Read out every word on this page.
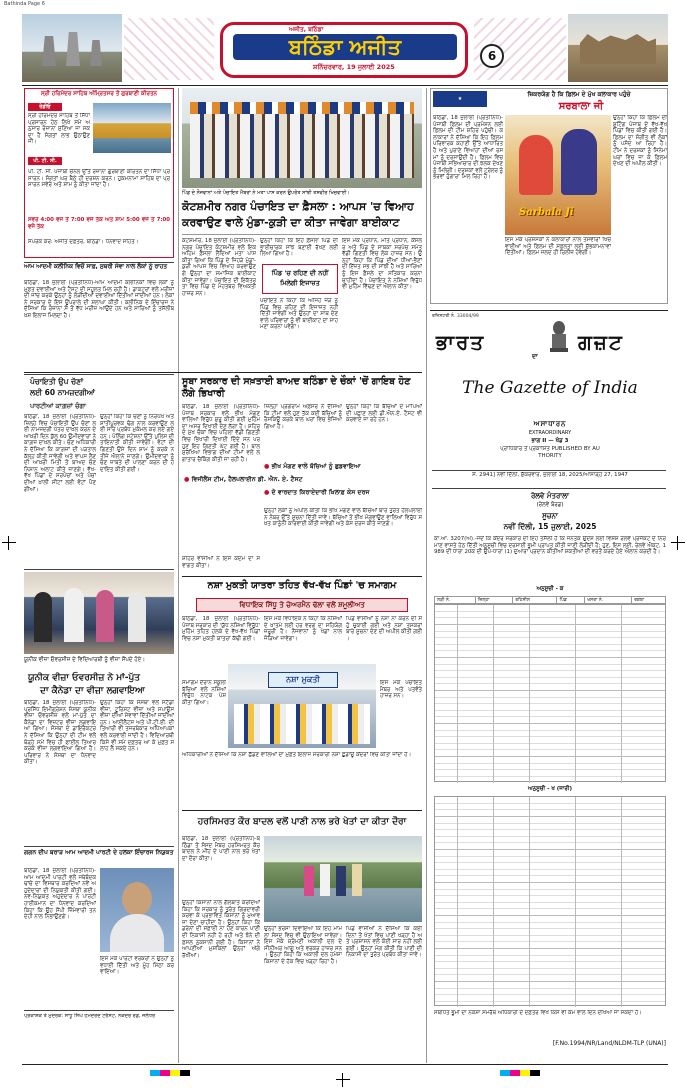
Bathinda Page 6
ਅਜੀਤ, ਬਠਿੰਡਾ
ਬਠਿੰਡਾ ਅਜੀਤ
ਸ਼ਨਿੱਚਰਵਾਰ, 19 ਜੁਲਾਈ 2025
6
ਸ੍ਰੀ ਹਰਿਮੰਦਰ ਸਾਹਿਬ ਅੰਮ੍ਰਿਤਸਰ ਤੋਂ ਗੁਰਬਾਣੀ ਕੀਰਤਨ
ਰੇਡੀਓ
ਸ੍ਰੀ ਹਰਿਮੰਦਰ ਸਾਹਿਬ ਤੋਂ ਸਿੱਧਾ ਪ੍ਰਸਾਰਨ ਹੇਠ ਲਿਖੇ ਸਮੇਂ ਅਨੁਸਾਰ ਰੋਜ਼ਾਨਾ ਸੁਣਿਆ ਜਾ ਸਕਦਾ ਹੈ ਸੰਗਤਾਂ ਲਾਭ ਉਠਾਉਣ ਜੀ।
ਪੀ. ਟੀ. ਸੀ.
ਪੀ. ਟੀ. ਸੀ. ਪੰਜਾਬੀ ਚੈਨਲ ਉੱਤੇ ਰੋਜ਼ਾਨਾ ਗੁਰਬਾਣੀ ਕੀਰਤਨ ਦਾ ਸਿੱਧਾ ਪ੍ਰਸਾਰਨ। ਸੰਗਤਾਂ ਘਰ ਬੈਠੇ ਹੀ ਦਰਸ਼ਨ ਕਰਨ। ਹੁਕਮਨਾਮਾ ਸਾਹਿਬ ਦਾ ਪ੍ਰਸਾਰਨ ਸਵੇਰੇ ਅਤੇ ਸ਼ਾਮ ਨੂੰ ਕੀਤਾ ਜਾਂਦਾ ਹੈ।
ਸਵੇਰੇ 4:00 ਵਜੇ ਤੋਂ 7:00 ਵਜੇ ਤੱਕ ਅਤੇ ਸ਼ਾਮ 5:00 ਵਜੇ ਤੋਂ 7:00 ਵਜੇ ਤੱਕ
ਸੰਪਰਕ ਕਰੋ: ਅਜੀਤ ਦਫ਼ਤਰ, ਬਠਿੰਡਾ। ਧੰਨਵਾਦ ਸਹਿਤ।
ਆਮ ਆਦਮੀ ਕਲੀਨਿਕ ਵਿਚੋਂ ਸਾਫ਼, ਸੁਥਰੀ ਸੇਵਾ ਨਾਲ ਲੋਕਾਂ ਨੂੰ ਰਾਹਤ
ਬਠਿੰਡਾ, 18 ਜੁਲਾਈ (ਪ੍ਰਤੀਨਿਧ)-ਆਮ ਆਦਮੀ ਕਲੀਨਿਕਾਂ ਵਿਚ ਲੋਕਾਂ ਨੂੰ ਮੁਫ਼ਤ ਦਵਾਈਆਂ ਅਤੇ ਟੈਸਟ ਦੀ ਸਹੂਲਤ ਮਿਲ ਰਹੀ ਹੈ। ਡਾਕਟਰਾਂ ਵਲੋਂ ਮਰੀਜ਼ਾਂ ਦੀ ਜਾਂਚ ਕਰਕੇ ਉਨ੍ਹਾਂ ਨੂੰ ਲੋੜੀਂਦੀਆਂ ਦਵਾਈਆਂ ਦਿੱਤੀਆਂ ਜਾਂਦੀਆਂ ਹਨ। ਲੋਕਾਂ ਨੇ ਸਰਕਾਰ ਦੇ ਇਸ ਉਪਰਾਲੇ ਦੀ ਸ਼ਲਾਘਾ ਕੀਤੀ। ਕਲੀਨਿਕ ਦੇ ਇੰਚਾਰਜ ਨੇ ਦੱਸਿਆ ਕਿ ਰੋਜ਼ਾਨਾ ਸੌ ਤੋਂ ਵੱਧ ਮਰੀਜ਼ ਆਉਂਦੇ ਹਨ ਅਤੇ ਸਾਰਿਆਂ ਨੂੰ ਤਸੱਲੀਬਖ਼ਸ਼ ਇਲਾਜ ਮਿਲਦਾ ਹੈ।
ਪੰਚਾਇਤੀ ਉਪ ਚੋਣਾਂ
ਲਈ 60 ਨਾਮਜ਼ਦਗੀਆਂ
ਪਾਰਟੀਆਂ ਕਾਗ਼ਜ਼ਾਂ ਚੰਗਾ
ਬਠਿੰਡਾ, 18 ਜੁਲਾਈ (ਪ੍ਰਤੀਨਿਧ)-ਜ਼ਿਲ੍ਹੇ ਵਿਚ ਪੰਚਾਇਤੀ ਉਪ ਚੋਣਾਂ ਲਈ ਨਾਮਜ਼ਦਗੀ ਪੱਤਰ ਦਾਖ਼ਲ ਕਰਨ ਦੇ ਆਖ਼ਰੀ ਦਿਨ ਕੁੱਲ 60 ਉਮੀਦਵਾਰਾਂ ਨੇ ਕਾਗ਼ਜ਼ ਦਾਖ਼ਲ ਕੀਤੇ। ਚੋਣ ਅਧਿਕਾਰੀ ਨੇ ਦੱਸਿਆ ਕਿ ਕਾਗ਼ਜ਼ਾਂ ਦੀ ਪੜਤਾਲ ਕੱਲ੍ਹ ਕੀਤੀ ਜਾਵੇਗੀ ਅਤੇ ਵਾਪਸ ਲੈਣ ਦੀ ਆਖ਼ਰੀ ਮਿਤੀ ਤੋਂ ਬਾਅਦ ਚੋਣ ਨਿਸ਼ਾਨ ਅਲਾਟ ਕੀਤੇ ਜਾਣਗੇ। ਵੱਖ-ਵੱਖ ਪਿੰਡਾਂ ਦੇ ਸਰਪੰਚਾਂ ਅਤੇ ਪੰਚਾਂ ਦੀਆਂ ਖ਼ਾਲੀ ਸੀਟਾਂ ਲਈ ਵੋਟਾਂ ਪੈਣਗੀਆਂ।
ਉਨ੍ਹਾਂ ਕਿਹਾ ਕਿ ਚੋਣਾਂ ਨੂੰ ਨਿਰਪੱਖ ਅਤੇ ਸ਼ਾਂਤੀਪੂਰਵਕ ਢੰਗ ਨਾਲ ਕਰਵਾਉਣ ਲਈ ਸਾਰੇ ਪ੍ਰਬੰਧ ਮੁਕੰਮਲ ਕਰ ਲਏ ਗਏ ਹਨ। ਪੋਲਿੰਗ ਸਟੇਸ਼ਨਾਂ ਉੱਤੇ ਪੁਲਿਸ ਦੀ ਤਾਇਨਾਤੀ ਕੀਤੀ ਜਾਵੇਗੀ। ਵੋਟਾਂ ਦੀ ਗਿਣਤੀ ਉਸੇ ਦਿਨ ਸ਼ਾਮ ਨੂੰ ਕਰਕੇ ਨਤੀਜੇ ਐਲਾਨੇ ਜਾਣਗੇ। ਉਮੀਦਵਾਰਾਂ ਨੂੰ ਚੋਣ ਜ਼ਾਬਤੇ ਦੀ ਪਾਲਣਾ ਕਰਨ ਦੀ ਹਦਾਇਤ ਕੀਤੀ ਗਈ।
ਯੂਨੀਕ ਵੀਜ਼ਾ ਓਵਰਸੀਜ਼ ਦੇ ਵਿਦਿਆਰਥੀ ਨੂੰ ਵੀਜ਼ਾ ਸੌਂਪਦੇ ਹੋਏ।
ਯੂਨੀਕ ਵੀਜ਼ਾ ਓਵਰਸੀਜ਼ ਨੇ ਮਾਂ-ਪੁੱਤ
ਦਾ ਕੈਨੇਡਾ ਦਾ ਵੀਜ਼ਾ ਲਗਵਾਇਆ
ਬਠਿੰਡਾ, 18 ਜੁਲਾਈ (ਪ੍ਰਤੀਨਿਧ)-ਪ੍ਰਸਿੱਧ ਇਮੀਗ੍ਰੇਸ਼ਨ ਸੰਸਥਾ ਯੂਨੀਕ ਵੀਜ਼ਾ ਓਵਰਸੀਜ਼ ਵਲੋਂ ਮਾਂ-ਪੁੱਤ ਦਾ ਕੈਨੇਡਾ ਦਾ ਵਿਜ਼ਟਰ ਵੀਜ਼ਾ ਲਗਵਾਇਆ ਗਿਆ। ਸੰਸਥਾ ਦੇ ਡਾਇਰੈਕਟਰ ਨੇ ਦੱਸਿਆ ਕਿ ਉਨ੍ਹਾਂ ਦੀ ਟੀਮ ਵਲੋਂ ਥੋੜ੍ਹੇ ਸਮੇਂ ਵਿਚ ਹੀ ਫਾਈਲ ਤਿਆਰ ਕਰਕੇ ਵੀਜ਼ਾ ਲਗਵਾਇਆ ਗਿਆ ਹੈ। ਪਰਿਵਾਰ ਨੇ ਸੰਸਥਾ ਦਾ ਧੰਨਵਾਦ ਕੀਤਾ।
ਉਨ੍ਹਾਂ ਕਿਹਾ ਕਿ ਸੰਸਥਾ ਵਲੋਂ ਸਟੱਡੀ ਵੀਜ਼ਾ, ਟੂਰਿਸਟ ਵੀਜ਼ਾ ਅਤੇ ਸਪਾਊਸ ਵੀਜ਼ਾ ਦੀਆਂ ਸੇਵਾਵਾਂ ਦਿੱਤੀਆਂ ਜਾਂਦੀਆਂ ਹਨ। ਆਈਲੈਟਸ ਅਤੇ ਪੀ.ਟੀ.ਈ. ਦੀ ਤਿਆਰੀ ਵੀ ਤਜਰਬੇਕਾਰ ਅਧਿਆਪਕਾਂ ਵਲੋਂ ਕਰਵਾਈ ਜਾਂਦੀ ਹੈ। ਵਿਦਿਆਰਥੀ ਕਿਸੇ ਵੀ ਸਮੇਂ ਦਫ਼ਤਰ ਆ ਕੇ ਮੁਫ਼ਤ ਸਲਾਹ ਲੈ ਸਕਦੇ ਹਨ।
ਗਗਨ ਦੀਪ ਬਰਾੜ ਆਮ ਆਦਮੀ ਪਾਰਟੀ ਦੇ ਹਲਕਾ ਇੰਚਾਰਜ ਨਿਯੁਕਤ
ਬਠਿੰਡਾ, 18 ਜੁਲਾਈ (ਪ੍ਰਤੀਨਿਧ)-ਆਮ ਆਦਮੀ ਪਾਰਟੀ ਵਲੋਂ ਜਥੇਬੰਦਕ ਢਾਂਚੇ ਦਾ ਵਿਸਥਾਰ ਕਰਦਿਆਂ ਨਵੇਂ ਅਹੁਦੇਦਾਰਾਂ ਦੀ ਨਿਯੁਕਤੀ ਕੀਤੀ ਗਈ। ਨਵ-ਨਿਯੁਕਤ ਅਹੁਦੇਦਾਰ ਨੇ ਪਾਰਟੀ ਹਾਈਕਮਾਨ ਦਾ ਧੰਨਵਾਦ ਕਰਦਿਆਂ ਕਿਹਾ ਕਿ ਉਹ ਸੌਂਪੀ ਜ਼ਿੰਮੇਵਾਰੀ ਤਨਦੇਹੀ ਨਾਲ ਨਿਭਾਉਣਗੇ।
ਇਸ ਮੌਕੇ ਪਾਰਟੀ ਵਰਕਰਾਂ ਨੇ ਉਨ੍ਹਾਂ ਨੂੰ ਵਧਾਈ ਦਿੱਤੀ ਅਤੇ ਮੂੰਹ ਮਿੱਠਾ ਕਰਵਾਇਆ।
ਪ੍ਰਕਾਸ਼ਕ ਤੇ ਮੁਦਰਕ: ਸਾਧੂ ਸਿੰਘ ਹਮਦਰਦ ਟਰੱਸਟ, ਨਕੋਦਰ ਰੋਡ, ਜਲੰਧਰ
ਪਿੰਡ ਦੇ ਨੌਜਵਾਨਾਂ ਅਤੇ ਪੰਚਾਇਤ ਮੈਂਬਰਾਂ ਨੇ ਮਤਾ ਪਾਸ ਕਰਨ ਉਪਰੰਤ ਸਾਂਝੀ ਤਸਵੀਰ ਖਿਚਵਾਈ।
ਕੋਟਸ਼ਮੀਰ ਨਗਰ ਪੰਚਾਇਤ ਦਾ ਫ਼ੈਸਲਾ : ਆਪਸ 'ਚ ਵਿਆਹ
ਕਰਵਾਉਣ ਵਾਲੇ ਮੁੰਡਾ-ਕੁੜੀ ਦਾ ਕੀਤਾ ਜਾਵੇਗਾ ਬਾਈਕਾਟ
ਕੋਟਸ਼ਮੀਰ, 18 ਜੁਲਾਈ (ਪ੍ਰਤੀਨਿਧ)-ਨਗਰ ਪੰਚਾਇਤ ਕੋਟਸ਼ਮੀਰ ਵਲੋਂ ਇਕ ਅਹਿਮ ਫ਼ੈਸਲਾ ਲੈਂਦਿਆਂ ਮਤਾ ਪਾਸ ਕੀਤਾ ਗਿਆ ਕਿ ਪਿੰਡ ਦੇ ਜਿਹੜੇ ਮੁੰਡਾ-ਕੁੜੀ ਆਪਸ ਵਿਚ ਵਿਆਹ ਕਰਵਾਉਣਗੇ ਉਨ੍ਹਾਂ ਦਾ ਸਮਾਜਿਕ ਬਾਈਕਾਟ ਕੀਤਾ ਜਾਵੇਗਾ। ਪੰਚਾਇਤ ਦੀ ਇਕੱਤਰਤਾ ਵਿਚ ਪਿੰਡ ਦੇ ਮੋਹਤਬਰ ਵਿਅਕਤੀ ਹਾਜ਼ਰ ਸਨ।
ਉਨ੍ਹਾਂ ਕਿਹਾ ਕਿ ਇਹ ਫ਼ੈਸਲਾ ਪਿੰਡ ਦੀ ਭਾਈਚਾਰਕ ਸਾਂਝ ਬਣਾਈ ਰੱਖਣ ਲਈ ਲਿਆ ਗਿਆ ਹੈ।
ਪਿੰਡ 'ਚ ਰਹਿਣ ਦੀ ਨਹੀਂ
ਮਿਲੇਗੀ ਇਜਾਜ਼ਤ
ਪੰਚਾਇਤ ਨੇ ਕਿਹਾ ਕਿ ਅਜਿਹੇ ਜੋੜੇ ਨੂੰ ਪਿੰਡ ਵਿਚ ਰਹਿਣ ਦੀ ਇਜਾਜ਼ਤ ਨਹੀਂ ਦਿੱਤੀ ਜਾਵੇਗੀ ਅਤੇ ਉਨ੍ਹਾਂ ਦਾ ਸਾਥ ਦੇਣ ਵਾਲੇ ਪਰਿਵਾਰਾਂ ਨੂੰ ਵੀ ਬਾਈਕਾਟ ਦਾ ਸਾਹਮਣਾ ਕਰਨਾ ਪਵੇਗਾ।
ਇਸ ਮੌਕੇ ਪ੍ਰਧਾਨ, ਮੀਤ ਪ੍ਰਧਾਨ, ਕੌਂਸਲਰ ਅਤੇ ਪਿੰਡ ਦੇ ਸਾਬਕਾ ਸਰਪੰਚ ਸਮੇਤ ਵੱਡੀ ਗਿਣਤੀ ਵਿਚ ਲੋਕ ਹਾਜ਼ਰ ਸਨ। ਉਨ੍ਹਾਂ ਕਿਹਾ ਕਿ ਪਿੰਡ ਦੀਆਂ ਧੀਆਂ-ਭੈਣਾਂ ਦੀ ਇੱਜ਼ਤ ਸਭ ਦੀ ਸਾਂਝੀ ਹੈ ਅਤੇ ਸਾਰਿਆਂ ਨੂੰ ਇਸ ਫ਼ੈਸਲੇ ਦਾ ਸਤਿਕਾਰ ਕਰਨਾ ਚਾਹੀਦਾ ਹੈ। ਪੰਚਾਇਤ ਨੇ ਨਸ਼ਿਆਂ ਵਿਰੁੱਧ ਵੀ ਮੁਹਿੰਮ ਵਿੱਢਣ ਦਾ ਐਲਾਨ ਕੀਤਾ।
ਸੂਬਾ ਸਰਕਾਰ ਦੀ ਸਖ਼ਤਾਈ ਬਾਅਦ ਬਠਿੰਡਾ ਦੇ ਚੌਕਾਂ 'ਚੋਂ ਗਾਇਬ ਹੋਣ ਲੱਗੇ ਭਿਖਾਰੀ
ਬਠਿੰਡਾ, 18 ਜੁਲਾਈ (ਪ੍ਰਤੀਨਿਧ)-ਪੰਜਾਬ ਸਰਕਾਰ ਵਲੋਂ ਭੀਖ ਮੰਗਣ ਵਾਲਿਆਂ ਵਿਰੁੱਧ ਸ਼ੁਰੂ ਕੀਤੀ ਗਈ ਮੁਹਿੰਮ ਦਾ ਅਸਰ ਦਿਖਾਈ ਦੇਣ ਲੱਗਾ ਹੈ। ਸ਼ਹਿਰ ਦੇ ਮੁੱਖ ਚੌਕਾਂ ਵਿਚ ਪਹਿਲਾਂ ਵੱਡੀ ਗਿਣਤੀ ਵਿਚ ਭਿਖਾਰੀ ਦਿਖਾਈ ਦਿੰਦੇ ਸਨ ਪਰ ਹੁਣ ਇਹ ਗਿਣਤੀ ਘੱਟ ਗਈ ਹੈ। ਬਾਲ ਸੁਰੱਖਿਆ ਵਿਭਾਗ ਦੀਆਂ ਟੀਮਾਂ ਵਲੋਂ ਲਗਾਤਾਰ ਚੈਕਿੰਗ ਕੀਤੀ ਜਾ ਰਹੀ ਹੈ।
ਜ਼ਿਲ੍ਹਾ ਪ੍ਰੋਗਰਾਮ ਅਫ਼ਸਰ ਨੇ ਦੱਸਿਆ ਕਿ ਟੀਮਾਂ ਵਲੋਂ ਹੁਣ ਤੱਕ ਕਈ ਬੱਚਿਆਂ ਨੂੰ ਰੈਸਕਿਊ ਕਰਕੇ ਬਾਲ ਘਰਾਂ ਵਿਚ ਭੇਜਿਆ ਗਿਆ ਹੈ।
ਉਨ੍ਹਾਂ ਕਿਹਾ ਕਿ ਬੱਚਿਆਂ ਦੇ ਮਾਪਿਆਂ ਦੀ ਪਛਾਣ ਲਈ ਡੀ.ਐਨ.ਏ. ਟੈਸਟ ਵੀ ਕਰਵਾਏ ਜਾ ਰਹੇ ਹਨ।
● ਭੀਖ ਮੰਗਣ ਵਾਲੇ ਬੱਚਿਆਂ ਨੂੰ ਛੁਡਵਾਇਆ
● ਵਿਜੀਲੈਂਸ ਟੀਮ, ਹੈਲਪਲਾਈਨ ਡੀ. ਐਨ. ਏ. ਟੈਸਟ
● ਦੋ ਵਾਰਦਾਤ ਕਿਰਾਏਦਾਰੀ ਖ਼ਿਲਾਫ਼ ਕੇਸ ਦਰਜ
ਉਨ੍ਹਾਂ ਲੋਕਾਂ ਨੂੰ ਅਪੀਲ ਕੀਤੀ ਕਿ ਭੀਖ ਮੰਗਣ ਵਾਲੇ ਬੱਚਿਆਂ ਬਾਰੇ ਤੁਰੰਤ ਹੈਲਪਲਾਈਨ ਨੰਬਰ ਉੱਤੇ ਸੂਚਨਾ ਦਿੱਤੀ ਜਾਵੇ। ਬੱਚਿਆਂ ਤੋਂ ਭੀਖ ਮੰਗਵਾਉਣ ਵਾਲਿਆਂ ਵਿਰੁੱਧ ਸਖ਼ਤ ਕਾਨੂੰਨੀ ਕਾਰਵਾਈ ਕੀਤੀ ਜਾਵੇਗੀ ਅਤੇ ਕੇਸ ਦਰਜ ਕੀਤੇ ਜਾਣਗੇ।
ਸ਼ਹਿਰ ਵਾਸੀਆਂ ਨੇ ਇਸ ਕਦਮ ਦਾ ਸਵਾਗਤ ਕੀਤਾ।
ਨਸ਼ਾ ਮੁਕਤੀ ਯਾਤਰਾ ਤਹਿਤ ਵੱਖ-ਵੱਖ ਪਿੰਡਾਂ 'ਚ ਸਮਾਗਮ
ਵਿਧਾਇਕ ਸਿੱਧੂ ਤੇ ਚੇਅਰਮੈਨ ਢੱਲਾ ਵਲੋਂ ਸ਼ਮੂਲੀਅਤ
ਬਠਿੰਡਾ, 18 ਜੁਲਾਈ (ਪ੍ਰਤੀਨਿਧ)-ਪੰਜਾਬ ਸਰਕਾਰ ਦੀ 'ਯੁੱਧ ਨਸ਼ਿਆਂ ਵਿਰੁੱਧ' ਮੁਹਿੰਮ ਤਹਿਤ ਹਲਕੇ ਦੇ ਵੱਖ-ਵੱਖ ਪਿੰਡਾਂ ਵਿਚ ਨਸ਼ਾ ਮੁਕਤੀ ਯਾਤਰਾ ਕੱਢੀ ਗਈ।
ਇਸ ਮੌਕੇ ਵਿਧਾਇਕ ਨੇ ਕਿਹਾ ਕਿ ਨਸ਼ਿਆਂ ਦੇ ਖ਼ਾਤਮੇ ਲਈ ਹਰ ਵਰਗ ਦਾ ਸਹਿਯੋਗ ਜ਼ਰੂਰੀ ਹੈ। ਨੌਜਵਾਨਾਂ ਨੂੰ ਖੇਡਾਂ ਨਾਲ ਜੋੜਿਆ ਜਾਵੇਗਾ।
ਪਿੰਡ ਵਾਸੀਆਂ ਨੂੰ ਨਸ਼ਾ ਨਾ ਕਰਨ ਦੀ ਸਹੁੰ ਚੁਕਾਈ ਗਈ ਅਤੇ ਨਸ਼ਾ ਤਸਕਰਾਂ ਬਾਰੇ ਸੂਚਨਾ ਦੇਣ ਦੀ ਅਪੀਲ ਕੀਤੀ ਗਈ।
ਨਸ਼ਾ ਮੁਕਤੀ
ਸਮਾਗਮ ਦੌਰਾਨ ਸਕੂਲੀ ਬੱਚਿਆਂ ਵਲੋਂ ਨਸ਼ਿਆਂ ਵਿਰੁੱਧ ਨਾਟਕ ਪੇਸ਼ ਕੀਤਾ ਗਿਆ।
ਇਸ ਮੌਕੇ ਪੰਚਾਇਤ ਮੈਂਬਰ ਅਤੇ ਪਤਵੰਤੇ ਹਾਜ਼ਰ ਸਨ।
ਅਧਿਕਾਰੀਆਂ ਨੇ ਦੱਸਿਆ ਕਿ ਨਸ਼ਾ ਛੱਡਣ ਵਾਲਿਆਂ ਦਾ ਮੁਫ਼ਤ ਇਲਾਜ ਸਰਕਾਰੀ ਨਸ਼ਾ ਛੁਡਾਊ ਕੇਂਦਰਾਂ ਵਿਚ ਕੀਤਾ ਜਾਂਦਾ ਹੈ।
ਹਰਸਿਮਰਤ ਕੌਰ ਬਾਦਲ ਵਲੋਂ ਪਾਣੀ ਨਾਲ ਭਰੇ ਖੇਤਾਂ ਦਾ ਕੀਤਾ ਦੌਰਾ
ਬਠਿੰਡਾ, 18 ਜੁਲਾਈ (ਪ੍ਰਤੀਨਿਧ)-ਬਠਿੰਡਾ ਤੋਂ ਸੰਸਦ ਮੈਂਬਰ ਹਰਸਿਮਰਤ ਕੌਰ ਬਾਦਲ ਨੇ ਮੀਂਹ ਦੇ ਪਾਣੀ ਨਾਲ ਭਰੇ ਖੇਤਾਂ ਦਾ ਦੌਰਾ ਕੀਤਾ।
ਉਨ੍ਹਾਂ ਕਿਸਾਨਾਂ ਨਾਲ ਗੱਲਬਾਤ ਕਰਦਿਆਂ ਕਿਹਾ ਕਿ ਸਰਕਾਰ ਨੂੰ ਤੁਰੰਤ ਗਿਰਦਾਵਰੀ ਕਰਵਾ ਕੇ ਪ੍ਰਭਾਵਿਤ ਕਿਸਾਨਾਂ ਨੂੰ ਮੁਆਵਜ਼ਾ ਦੇਣਾ ਚਾਹੀਦਾ ਹੈ। ਉਨ੍ਹਾਂ ਕਿਹਾ ਕਿ ਡਰੇਨਾਂ ਦੀ ਸਫ਼ਾਈ ਨਾ ਹੋਣ ਕਾਰਨ ਪਾਣੀ ਦੀ ਨਿਕਾਸੀ ਨਹੀਂ ਹੋ ਰਹੀ ਅਤੇ ਝੋਨੇ ਦੀ ਫ਼ਸਲ ਨੁਕਸਾਨੀ ਗਈ ਹੈ। ਕਿਸਾਨਾਂ ਨੇ ਆਪਣੀਆਂ ਮੁਸ਼ਕਿਲਾਂ ਉਨ੍ਹਾਂ ਅੱਗੇ ਰੱਖੀਆਂ।
ਉਨ੍ਹਾਂ ਭਰੋਸਾ ਦਿਵਾਇਆ ਕਿ ਇਹ ਮਾਮਲਾ ਸੰਸਦ ਵਿਚ ਵੀ ਉਠਾਇਆ ਜਾਵੇਗਾ। ਇਸ ਮੌਕੇ ਸ਼੍ਰੋਮਣੀ ਅਕਾਲੀ ਦਲ ਦੇ ਸੀਨੀਅਰ ਆਗੂ ਅਤੇ ਵਰਕਰ ਹਾਜ਼ਰ ਸਨ। ਉਨ੍ਹਾਂ ਕਿਹਾ ਕਿ ਅਕਾਲੀ ਦਲ ਹਮੇਸ਼ਾ ਕਿਸਾਨਾਂ ਦੇ ਹੱਕ ਵਿਚ ਖੜ੍ਹਾ ਰਿਹਾ ਹੈ।
ਪਿੰਡ ਵਾਸੀਆਂ ਨੇ ਦੱਸਿਆ ਕਿ ਕਈ ਦਿਨਾਂ ਤੋਂ ਖੇਤਾਂ ਵਿਚ ਪਾਣੀ ਖੜ੍ਹਾ ਹੈ ਅਤੇ ਪ੍ਰਸ਼ਾਸਨ ਵਲੋਂ ਕੋਈ ਸਾਰ ਨਹੀਂ ਲਈ ਗਈ। ਉਨ੍ਹਾਂ ਮੰਗ ਕੀਤੀ ਕਿ ਪਾਣੀ ਦੀ ਨਿਕਾਸੀ ਦਾ ਤੁਰੰਤ ਪ੍ਰਬੰਧ ਕੀਤਾ ਜਾਵੇ।
★
ਜ਼ਿਕਰਯੋਗ ਹੈ ਕਿ ਫ਼ਿਲਮ ਦੇ ਮੁੱਖ ਕਲਾਕਾਰ ਪਹੁੰਚੇ
ਸਰਬਾਲਾ ਜੀ
ਬਠਿੰਡਾ, 18 ਜੁਲਾਈ (ਪ੍ਰਤੀਨਿਧ)-ਪੰਜਾਬੀ ਫ਼ਿਲਮ ਦੀ ਪ੍ਰਮੋਸ਼ਨ ਲਈ ਫ਼ਿਲਮ ਦੀ ਟੀਮ ਸ਼ਹਿਰ ਪਹੁੰਚੀ। ਕਲਾਕਾਰਾਂ ਨੇ ਦੱਸਿਆ ਕਿ ਇਹ ਫ਼ਿਲਮ ਪਰਿਵਾਰਕ ਕਹਾਣੀ ਉੱਤੇ ਆਧਾਰਿਤ ਹੈ ਅਤੇ ਪੁਰਾਣੇ ਵਿਆਹਾਂ ਦੀਆਂ ਰਸਮਾਂ ਨੂੰ ਦਰਸਾਉਂਦੀ ਹੈ। ਫ਼ਿਲਮ ਵਿਚ ਪੰਜਾਬੀ ਸਭਿਆਚਾਰ ਦੀ ਝਲਕ ਦੇਖਣ ਨੂੰ ਮਿਲੇਗੀ। ਦਰਸ਼ਕਾਂ ਵਲੋਂ ਟ੍ਰੇਲਰ ਨੂੰ ਭਰਵਾਂ ਹੁੰਗਾਰਾ ਮਿਲ ਰਿਹਾ ਹੈ।
Sarbala Ji
ਉਨ੍ਹਾਂ ਕਿਹਾ ਕਿ ਫ਼ਿਲਮ ਦੀ ਸ਼ੂਟਿੰਗ ਪੰਜਾਬ ਦੇ ਵੱਖ-ਵੱਖ ਪਿੰਡਾਂ ਵਿਚ ਕੀਤੀ ਗਈ ਹੈ। ਫ਼ਿਲਮ ਦਾ ਸੰਗੀਤ ਵੀ ਲੋਕਾਂ ਨੂੰ ਪਸੰਦ ਆ ਰਿਹਾ ਹੈ। ਟੀਮ ਨੇ ਦਰਸ਼ਕਾਂ ਨੂੰ ਸਿਨੇਮਾ ਘਰਾਂ ਵਿਚ ਜਾ ਕੇ ਫ਼ਿਲਮ ਦੇਖਣ ਦੀ ਅਪੀਲ ਕੀਤੀ।
ਇਸ ਮੌਕੇ ਪ੍ਰਸ਼ੰਸਕਾਂ ਨੇ ਕਲਾਕਾਰਾਂ ਨਾਲ ਤਸਵੀਰਾਂ ਖਿਚਵਾਈਆਂ ਅਤੇ ਫ਼ਿਲਮ ਦੀ ਸਫ਼ਲਤਾ ਲਈ ਸ਼ੁੱਭਕਾਮਨਾਵਾਂ ਦਿੱਤੀਆਂ। ਫ਼ਿਲਮ ਜਲਦ ਹੀ ਰਿਲੀਜ਼ ਹੋਵੇਗੀ।
ਰਜਿਸਟਰੀ ਨੰ. 33004/99
ਭਾਰਤ
ਦਾ
ਗਜ਼ਟ
The Gazette of India
ਅਸਾਧਾਰਨ
EXTRAORDINARY
ਭਾਗ II — ਖੰਡ 3
ਪ੍ਰਾਧਿਕਾਰ ਤੋਂ ਪ੍ਰਕਾਸ਼ਿਤ PUBLISHED BY AUTHORITY
ਸੰ. 2941] ਨਵੀਂ ਦਿੱਲੀ, ਸ਼ੁੱਕਰਵਾਰ, ਜੁਲਾਈ 18, 2025/ਆਸਾੜ੍ਹ 27, 1947
ਰੇਲਵੇ ਮੰਤਰਾਲਾ
(ਰੇਲਵੇ ਬੋਰਡ)
ਸੂਚਨਾ
ਨਵੀਂ ਦਿੱਲੀ, 15 ਜੁਲਾਈ, 2025
ਕਾ.ਆ. 3207(ਅ).-ਜਦੋਂ ਕਿ ਕੇਂਦਰ ਸਰਕਾਰ ਦੀ ਇਹ ਤਸੱਲੀ ਹੈ ਕਿ ਜਨਤਕ ਉਦੇਸ਼ ਲਈ ਵਿਸ਼ੇਸ਼ ਰੇਲਵੇ ਪ੍ਰੋਜੈਕਟ ਦੇ ਨਿਰਮਾਣ ਵਾਸਤੇ ਹੇਠ ਦਿੱਤੀ ਅਨੁਸੂਚੀ ਵਿਚ ਦਰਸਾਈ ਭੂਮੀ ਪ੍ਰਾਪਤ ਕੀਤੀ ਜਾਣੀ ਲੋੜੀਂਦੀ ਹੈ; ਹੁਣ, ਇਸ ਲਈ, ਰੇਲਵੇ ਐਕਟ, 1989 ਦੀ ਧਾਰਾ 20ਕ ਦੀ ਉਪ-ਧਾਰਾ (1) ਦੁਆਰਾ ਪ੍ਰਦਾਨ ਕੀਤੀਆਂ ਸ਼ਕਤੀਆਂ ਦੀ ਵਰਤੋਂ ਕਰਦੇ ਹੋਏ ਐਲਾਨ ਕਰਦੀ ਹੈ।
ਅਨੁਸੂਚੀ - ਕ
ਲੜੀ ਨੰ.	ਜ਼ਿਲ੍ਹਾ	ਤਹਿਸੀਲ	ਪਿੰਡ	ਖਸਰਾ ਨੰ.	ਰਕਬਾ
ਅਨੁਸੂਚੀ - ਖ (ਜਾਰੀ)
ਸਬੰਧਿਤ ਭੂਮੀ ਦਾ ਨਕਸ਼ਾ ਸਮਰੱਥ ਅਧਿਕਾਰੀ ਦੇ ਦਫ਼ਤਰ ਵਿਖੇ ਕਿਸੇ ਵੀ ਕੰਮ ਵਾਲੇ ਦਿਨ ਦੇਖਿਆ ਜਾ ਸਕਦਾ ਹੈ।
[F.No.1994/NR/Land/NLDM-TLP (UNA)]
